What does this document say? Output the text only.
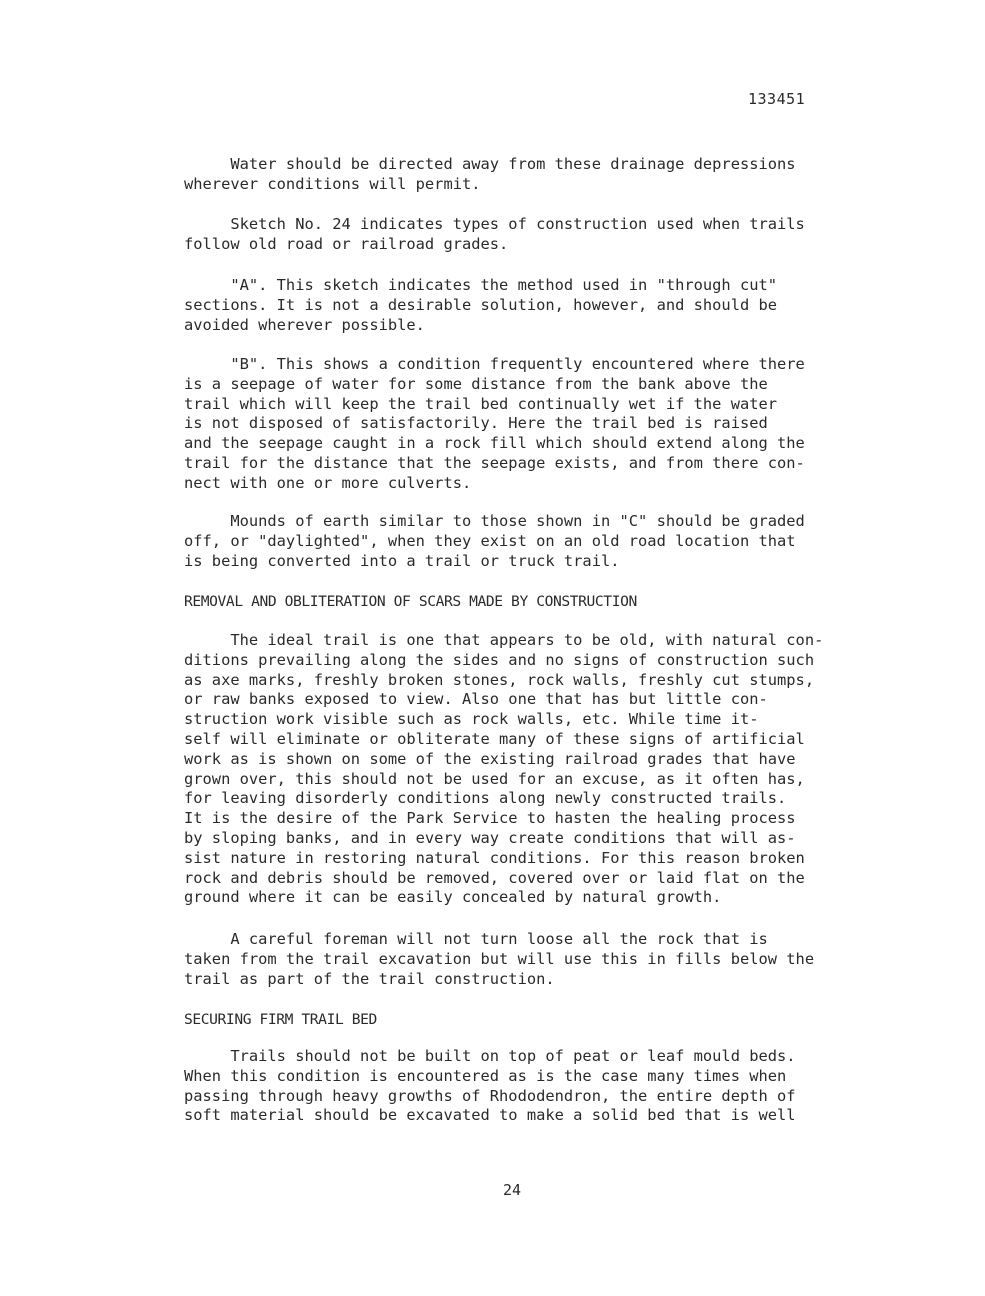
133451

Water should be directed away from these drainage depressions
wherever conditions will permit.

Sketch No. 24 indicates types of construction used when trails
follow old road or railroad grades.

"A". This sketch indicates the method used in "through cut"
sections. It is not a desirable solution, however, and should be
avoided wherever possible.

"B". This shows a condition frequently encountered where there
is a seepage of water for some distance from the bank above the
trail which will keep the trail bed continually wet if the water
is not disposed of satisfactorily. Here the trail bed is raised
and the seepage caught in a rock fill which should extend along the
trail for the distance that the seepage exists, and from there con-
nect with one or more culverts.

Mounds of earth similar to those shown in "C" should be graded
off, or "daylighted", when they exist on an old road location that
is being converted into a trail or truck trail.

REMOVAL AND OBLITERATION OF SCARS MADE BY CONSTRUCTION

The ideal trail is one that appears to be old, with natural con-
ditions prevailing along the sides and no signs of construction such
as axe marks, freshly broken stones, rock walls, freshly cut stumps,
or raw banks exposed to view. Also one that has but little con-
struction work visible such as rock walls, etc. While time it-
self will eliminate or obliterate many of these signs of artificial
work as is shown on some of the existing railroad grades that have
grown over, this should not be used for an excuse, as it often has,
for leaving disorderly conditions along newly constructed trails.
It is the desire of the Park Service to hasten the healing process
by sloping banks, and in every way create conditions that will as-
sist nature in restoring natural conditions. For this reason broken
rock and debris should be removed, covered over or laid flat on the
ground where it can be easily concealed by natural growth.

A careful foreman will not turn loose all the rock that is
taken from the trail excavation but will use this in fills below the
trail as part of the trail construction.

SECURING FIRM TRAIL BED

Trails should not be built on top of peat or leaf mould beds.
When this condition is encountered as is the case many times when
passing through heavy growths of Rhododendron, the entire depth of
soft material should be excavated to make a solid bed that is well

24
